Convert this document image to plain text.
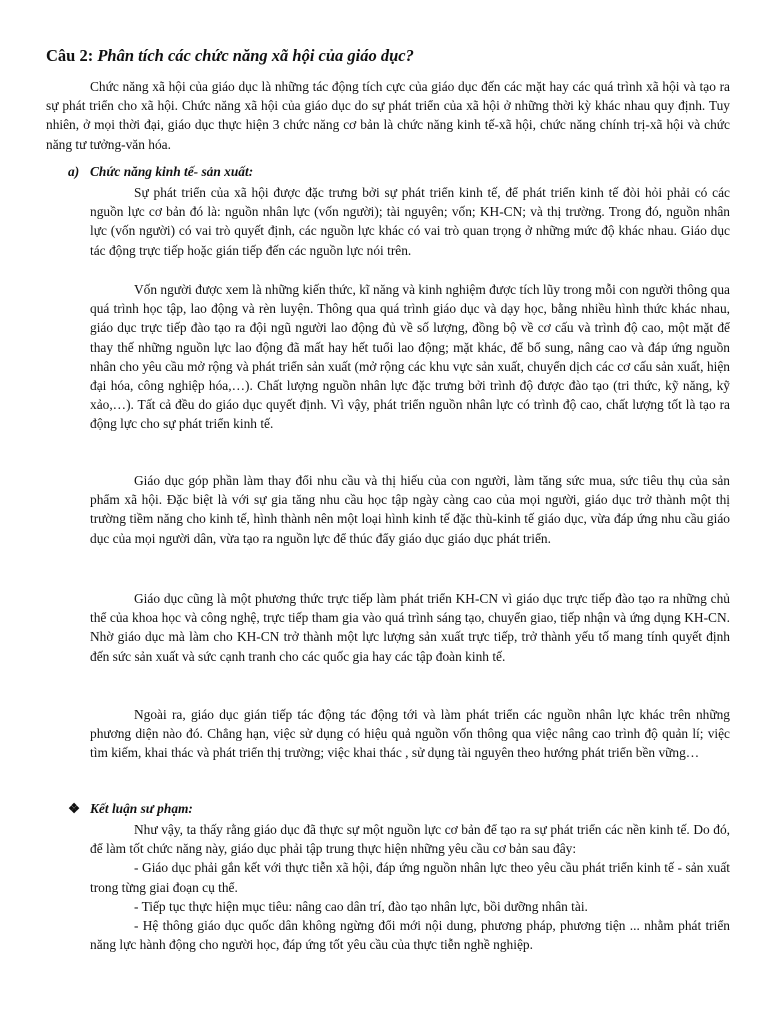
Câu 2: Phân tích các chức năng xã hội của giáo dục?

Chức năng xã hội của giáo dục là những tác động tích cực của giáo dục đến các mặt hay các quá trình xã hội và tạo ra sự phát triển cho xã hội. Chức năng xã hội của giáo dục do sự phát triển của xã hội ở những thời kỳ khác nhau quy định. Tuy nhiên, ở mọi thời đại, giáo dục thực hiện 3 chức năng cơ bản là chức năng kinh tế-xã hội, chức năng chính trị-xã hội và chức năng tư tưởng-văn hóa.

a) Chức năng kinh tế- sản xuất:

Sự phát triển của xã hội được đặc trưng bởi sự phát triển kinh tế, để phát triển kinh tế đòi hỏi phải có các nguồn lực cơ bản đó là: nguồn nhân lực (vốn người); tài nguyên; vốn; KH-CN; và thị trường. Trong đó, nguồn nhân lực (vốn người) có vai trò quyết định, các nguồn lực khác có vai trò quan trọng ở những mức độ khác nhau. Giáo dục tác động trực tiếp hoặc gián tiếp đến các nguồn lực nói trên.

Vốn người được xem là những kiến thức, kĩ năng và kinh nghiệm được tích lũy trong mỗi con người thông qua quá trình học tập, lao động và rèn luyện. Thông qua quá trình giáo dục và dạy học, bằng nhiều hình thức khác nhau, giáo dục trực tiếp đào tạo ra đội ngũ người lao động đủ về số lượng, đồng bộ về cơ cấu và trình độ cao, một mặt để thay thế những nguồn lực lao động đã mất hay hết tuổi lao động; mặt khác, để bổ sung, nâng cao và đáp ứng nguồn nhân cho yêu cầu mở rộng và phát triển sản xuất (mở rộng các khu vực sản xuất, chuyển dịch các cơ cấu sản xuất, hiện đại hóa, công nghiệp hóa,…). Chất lượng nguồn nhân lực đặc trưng bởi trình độ được đào tạo (tri thức, kỹ năng, kỹ xảo,…). Tất cả đều do giáo dục quyết định. Vì vậy, phát triển nguồn nhân lực có trình độ cao, chất lượng tốt là tạo ra động lực cho sự phát triển kinh tế.

Giáo dục góp phần làm thay đổi nhu cầu và thị hiếu của con người, làm tăng sức mua, sức tiêu thụ của sản phẩm xã hội. Đặc biệt là với sự gia tăng nhu cầu học tập ngày càng cao của mọi người, giáo dục trở thành một thị trường tiềm năng cho kinh tế, hình thành nên một loại hình kinh tế đặc thù-kinh tế giáo dục, vừa đáp ứng nhu cầu giáo dục của mọi người dân, vừa tạo ra nguồn lực để thúc đẩy giáo dục giáo dục phát triển.

Giáo dục cũng là một phương thức trực tiếp làm phát triển KH-CN vì giáo dục trực tiếp đào tạo ra những chủ thể của khoa học và công nghệ, trực tiếp tham gia vào quá trình sáng tạo, chuyển giao, tiếp nhận và ứng dụng KH-CN. Nhờ giáo dục mà làm cho KH-CN trở thành một lực lượng sản xuất trực tiếp, trở thành yếu tố mang tính quyết định đến sức sản xuất và sức cạnh tranh cho các quốc gia hay các tập đoàn kinh tế.

Ngoài ra, giáo dục gián tiếp tác động tác động tới và làm phát triển các nguồn nhân lực khác trên những phương diện nào đó. Chẳng hạn, việc sử dụng có hiệu quả nguồn vốn thông qua việc nâng cao trình độ quản lí; việc tìm kiếm, khai thác và phát triển thị trường; việc khai thác , sử dụng tài nguyên theo hướng phát triển bền vững…

❖ Kết luận sư phạm:
Như vậy, ta thấy rằng giáo dục đã thực sự một nguồn lực cơ bản để tạo ra sự phát triển các nền kinh tế. Do đó, để làm tốt chức năng này, giáo dục phải tập trung thực hiện những yêu cầu cơ bản sau đây:
- Giáo dục phải gắn kết với thực tiễn xã hội, đáp ứng nguồn nhân lực theo yêu cầu phát triển kinh tế - sản xuất trong từng giai đoạn cụ thể.
- Tiếp tục thực hiện mục tiêu: nâng cao dân trí, đào tạo nhân lực, bồi dưỡng nhân tài.
- Hệ thông giáo dục quốc dân không ngừng đổi mới nội dung, phương pháp, phương tiện ... nhằm phát triển năng lực hành động cho người học, đáp ứng tốt yêu cầu của thực tiễn nghề nghiệp.
